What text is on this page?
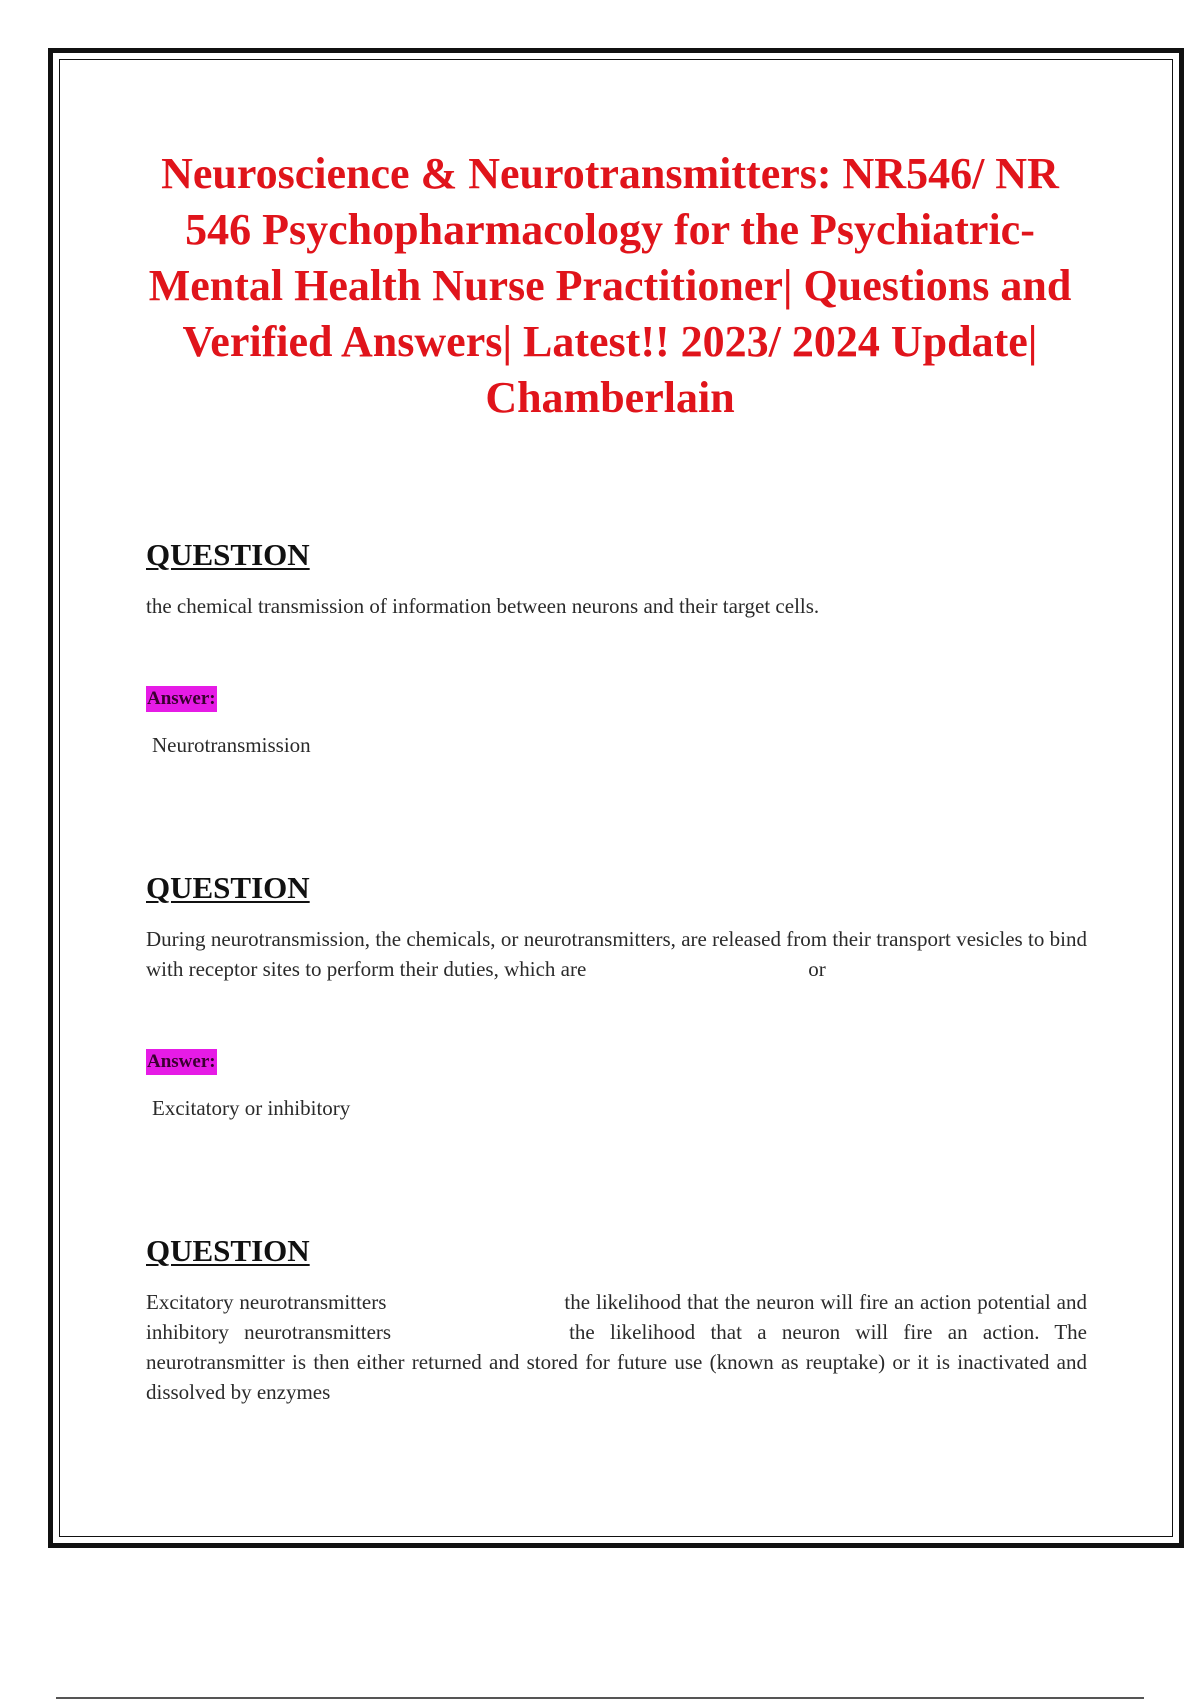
Neuroscience & Neurotransmitters: NR546/ NR 546 Psychopharmacology for the Psychiatric-Mental Health Nurse Practitioner| Questions and Verified Answers| Latest!! 2023/ 2024 Update| Chamberlain
QUESTION

the chemical transmission of information between neurons and their target cells.

Answer:

Neurotransmission

QUESTION

During neurotransmission, the chemicals, or neurotransmitters, are released from their transport vesicles to bind with receptor sites to perform their duties, which are	or

Answer:

Excitatory or inhibitory

QUESTION

Excitatory neurotransmitters	the likelihood that the neuron will fire an action potential and inhibitory neurotransmitters	the likelihood that a neuron will fire an action. The neurotransmitter is then either returned and stored for future use (known as reuptake) or it is inactivated and dissolved by enzymes
